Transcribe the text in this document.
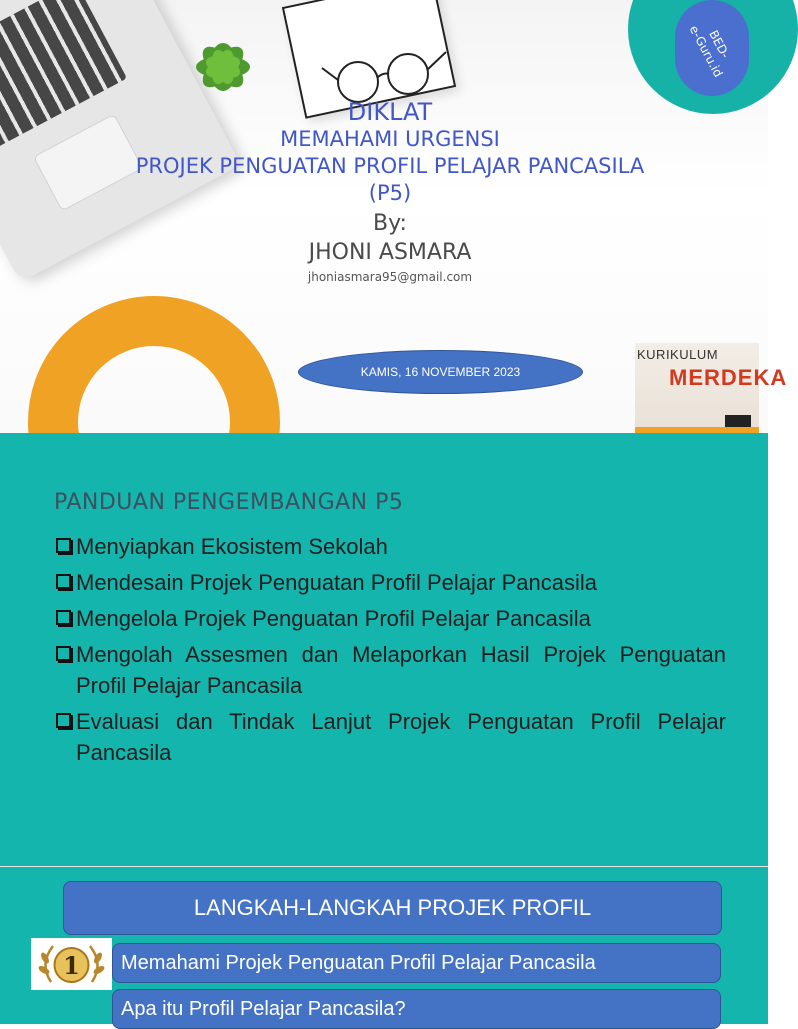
BED-
e-Guru.id
DIKLAT
MEMAHAMI URGENSI
PROJEK PENGUATAN PROFIL PELAJAR PANCASILA
(P5)
By:
JHONI ASMARA
jhoniasmara95@gmail.com
KAMIS, 16 NOVEMBER 2023
KURIKULUM
MERDEKA
PANDUAN PENGEMBANGAN P5
Menyiapkan Ekosistem Sekolah
Mendesain Projek Penguatan Profil Pelajar Pancasila
Mengelola Projek Penguatan Profil Pelajar Pancasila
Mengolah Assesmen dan Melaporkan Hasil Projek Penguatan Profil Pelajar Pancasila
Evaluasi dan Tindak Lanjut Projek Penguatan Profil Pelajar Pancasila
LANGKAH-LANGKAH PROJEK PROFIL
1 Memahami Projek Penguatan Profil Pelajar Pancasila
Apa itu Profil Pelajar Pancasila?
